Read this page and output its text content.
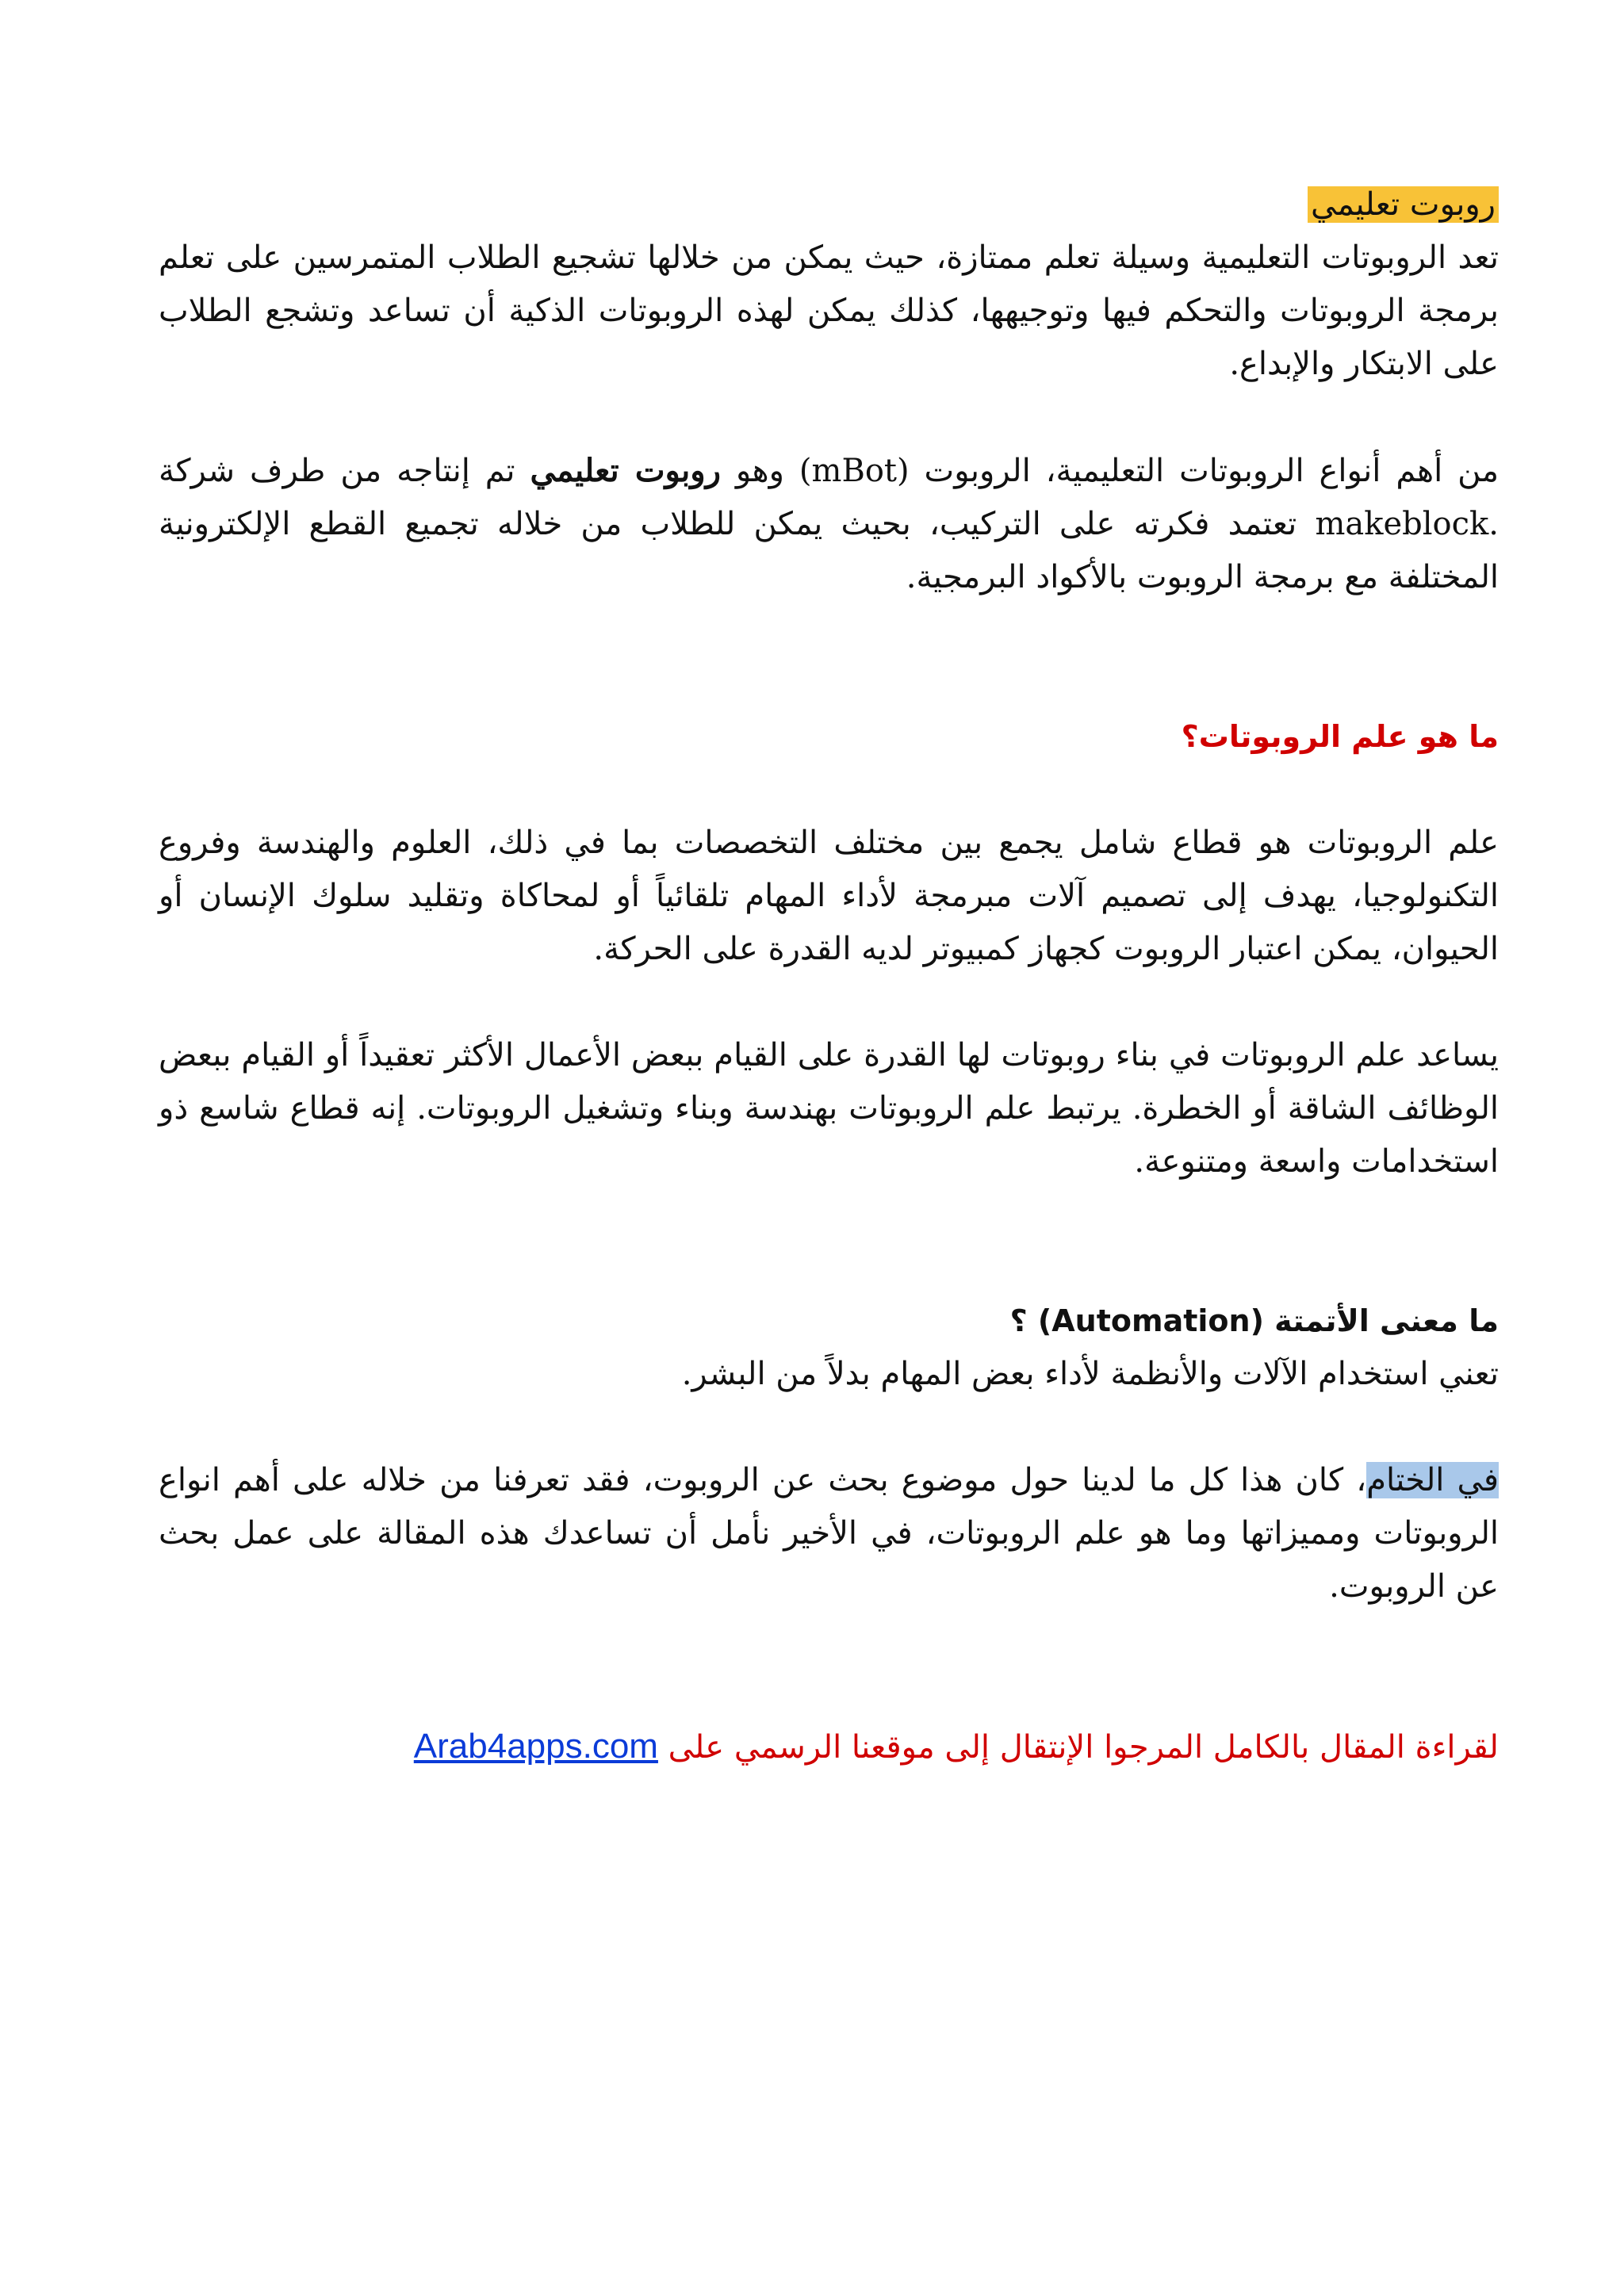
روبوت تعليمي

تعد الروبوتات التعليمية وسيلة تعلم ممتازة، حيث يمكن من خلالها تشجيع الطلاب المتمرسين على تعلم برمجة الروبوتات والتحكم فيها وتوجيهها، كذلك يمكن لهذه الروبوتات الذكية أن تساعد وتشجع الطلاب على الابتكار والإبداع.

من أهم أنواع الروبوتات التعليمية، الروبوت (mBot) وهو روبوت تعليمي تم إنتاجه من طرف شركة .makeblock تعتمد فكرته على التركيب، بحيث يمكن للطلاب من خلاله تجميع القطع الإلكترونية المختلفة مع برمجة الروبوت بالأكواد البرمجية.

ما هو علم الروبوتات؟

علم الروبوتات هو قطاع شامل يجمع بين مختلف التخصصات بما في ذلك، العلوم والهندسة وفروع التكنولوجيا، يهدف إلى تصميم آلات مبرمجة لأداء المهام تلقائياً أو لمحاكاة وتقليد سلوك الإنسان أو الحيوان، يمكن اعتبار الروبوت كجهاز كمبيوتر لديه القدرة على الحركة.

يساعد علم الروبوتات في بناء روبوتات لها القدرة على القيام ببعض الأعمال الأكثر تعقيداً أو القيام ببعض الوظائف الشاقة أو الخطرة. يرتبط علم الروبوتات بهندسة وبناء وتشغيل الروبوتات. إنه قطاع شاسع ذو استخدامات واسعة ومتنوعة.

ما معنى الأتمتة (Automation) ؟

تعني استخدام الآلات والأنظمة لأداء بعض المهام بدلاً من البشر.

في الختام، كان هذا كل ما لدينا حول موضوع بحث عن الروبوت، فقد تعرفنا من خلاله على أهم انواع الروبوتات ومميزاتها وما هو علم الروبوتات، في الأخير نأمل أن تساعدك هذه المقالة على عمل بحث عن الروبوت.

لقراءة المقال بالكامل المرجوا الإنتقال إلى موقعنا الرسمي على Arab4apps.com
